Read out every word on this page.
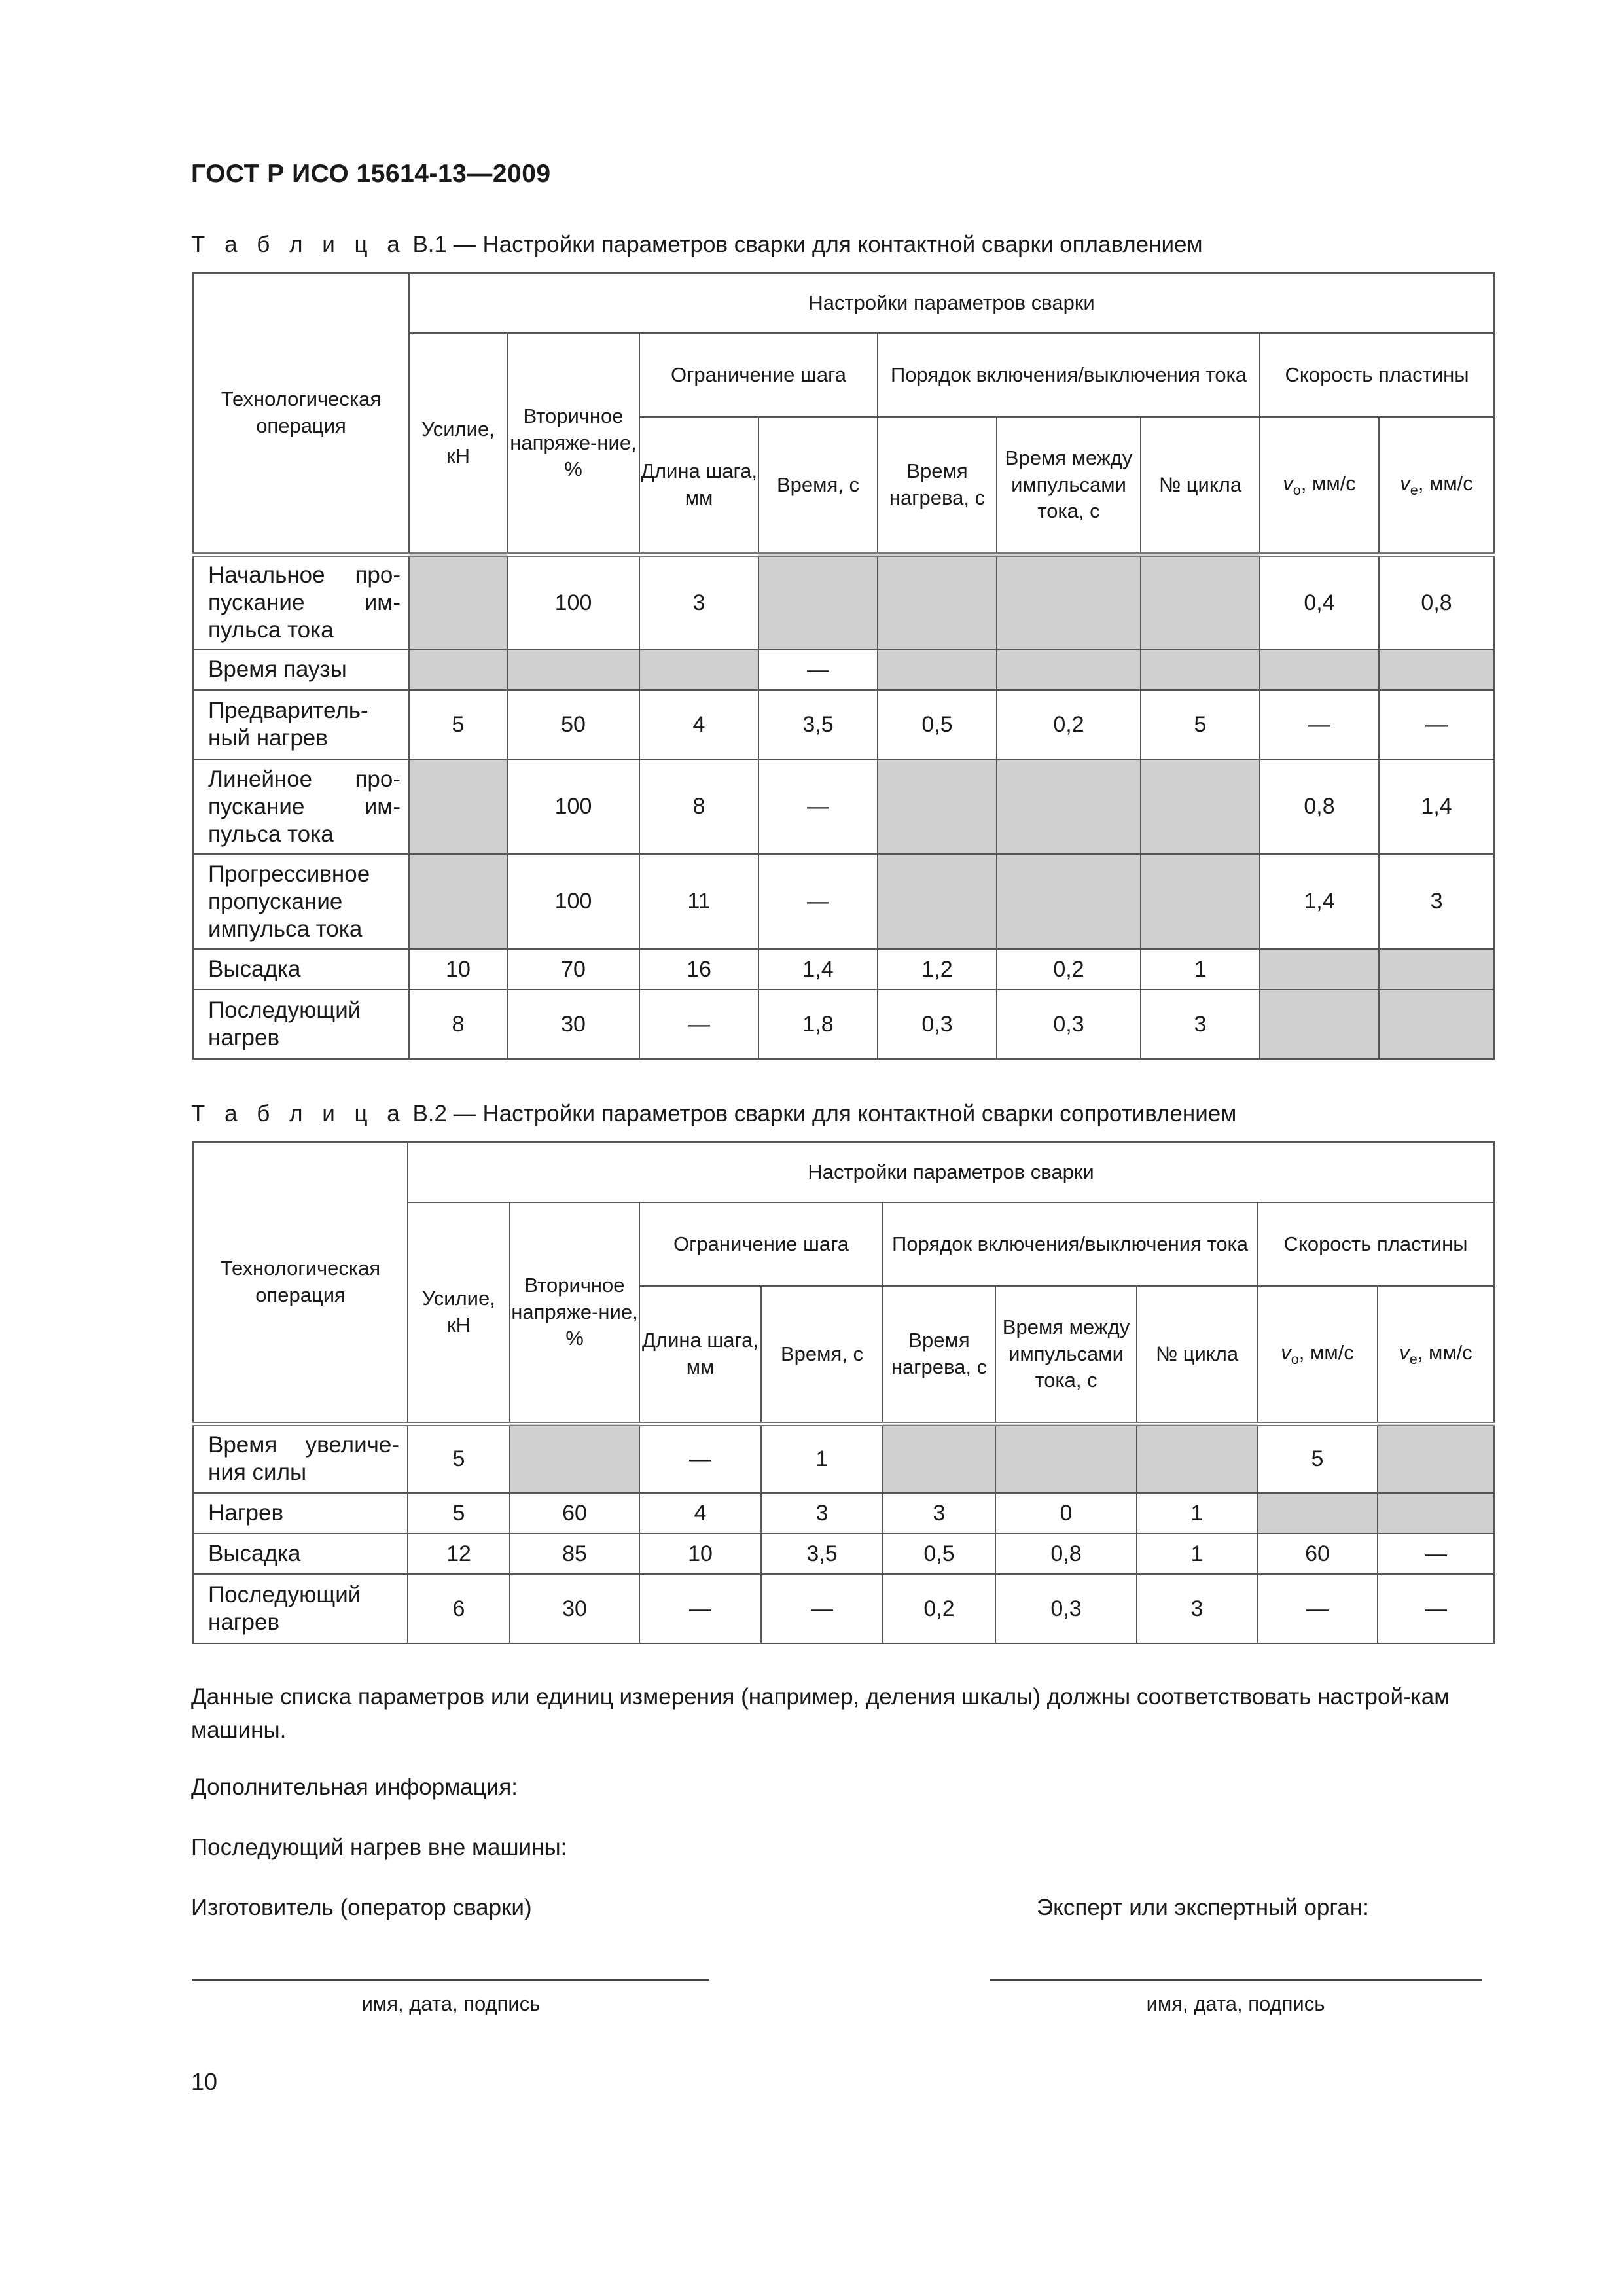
ГОСТ Р ИСО 15614-13—2009
Т а б л и ц а В.1 — Настройки параметров сварки для контактной сварки оплавлением
Технологическая операция	Настройки параметров сварки								
	Усилие, кН	Вторичное напряже-ние, %	Ограничение шага		Порядок включения/выключения тока			Скорость пластины	
			Длина шага, мм	Время, с	Время нагрева, с	Время между импульсами тока, с	№ цикла	$v_o$, мм/с	$v_e$, мм/с
Начальное про-пускание им-пульса тока		100	3					0,4	0,8
Время паузы				—					
Предваритель-ный нагрев	5	50	4	3,5	0,5	0,2	5	—	—
Линейное про-пускание им-пульса тока		100	8	—				0,8	1,4
Прогрессивное пропускание импульса тока		100	11	—				1,4	3
Высадка	10	70	16	1,4	1,2	0,2	1		
Последующий нагрев	8	30	—	1,8	0,3	0,3	3		
Т а б л и ц а В.2 — Настройки параметров сварки для контактной сварки сопротивлением
Технологическая операция	Настройки параметров сварки								
	Усилие, кН	Вторичное напряже-ние, %	Ограничение шага		Порядок включения/выключения тока			Скорость пластины	
			Длина шага, мм	Время, с	Время нагрева, с	Время между импульсами тока, с	№ цикла	$v_o$, мм/с	$v_e$, мм/с
Время увеличе-ния силы	5		—	1				5	
Нагрев	5	60	4	3	3	0	1		
Высадка	12	85	10	3,5	0,5	0,8	1	60	—
Последующий нагрев	6	30	—	—	0,2	0,3	3	—	—
Данные списка параметров или единиц измерения (например, деления шкалы) должны соответствовать настрой-кам машины.
Дополнительная информация:
Последующий нагрев вне машины:
Изготовитель (оператор сварки)	Эксперт или экспертный орган:
имя, дата, подпись	имя, дата, подпись
10
